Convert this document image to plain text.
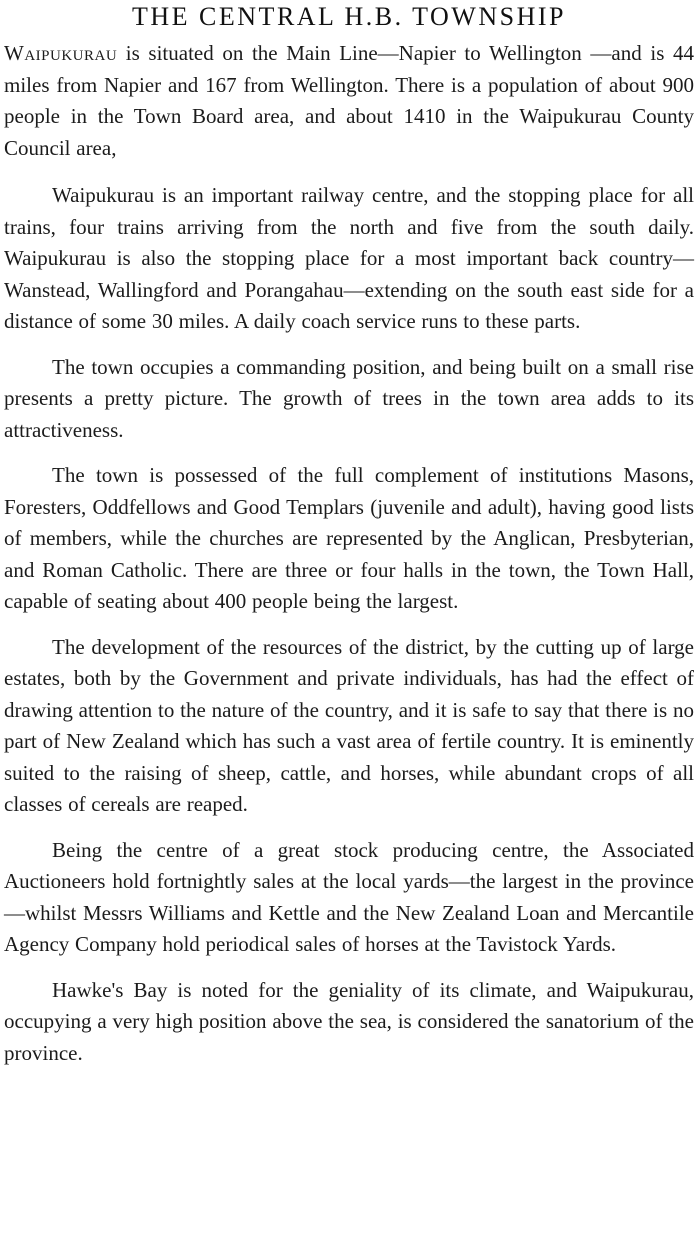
THE CENTRAL H.B. TOWNSHIP

Waipukurau is situated on the Main Line—Napier to Wellington —and is 44 miles from Napier and 167 from Wellington. There is a population of about 900 people in the Town Board area, and about 1410 in the Waipukurau County Council area,

Waipukurau is an important railway centre, and the stopping place for all trains, four trains arriving from the north and five from the south daily. Waipukurau is also the stopping place for a most important back country—Wanstead, Wallingford and Porangahau—extending on the south east side for a distance of some 30 miles. A daily coach service runs to these parts.

The town occupies a commanding position, and being built on a small rise presents a pretty picture. The growth of trees in the town area adds to its attractiveness.

The town is possessed of the full complement of institutions Masons, Foresters, Oddfellows and Good Templars (juvenile and adult), having good lists of members, while the churches are represented by the Anglican, Presbyterian, and Roman Catholic. There are three or four halls in the town, the Town Hall, capable of seating about 400 people being the largest.

The development of the resources of the district, by the cutting up of large estates, both by the Government and private individuals, has had the effect of drawing attention to the nature of the country, and it is safe to say that there is no part of New Zealand which has such a vast area of fertile country. It is eminently suited to the raising of sheep, cattle, and horses, while abundant crops of all classes of cereals are reaped.

Being the centre of a great stock producing centre, the Associated Auctioneers hold fortnightly sales at the local yards—the largest in the province—whilst Messrs Williams and Kettle and the New Zealand Loan and Mercantile Agency Company hold periodical sales of horses at the Tavistock Yards.

Hawke's Bay is noted for the geniality of its climate, and Waipukurau, occupying a very high position above the sea, is considered the sanatorium of the province.
